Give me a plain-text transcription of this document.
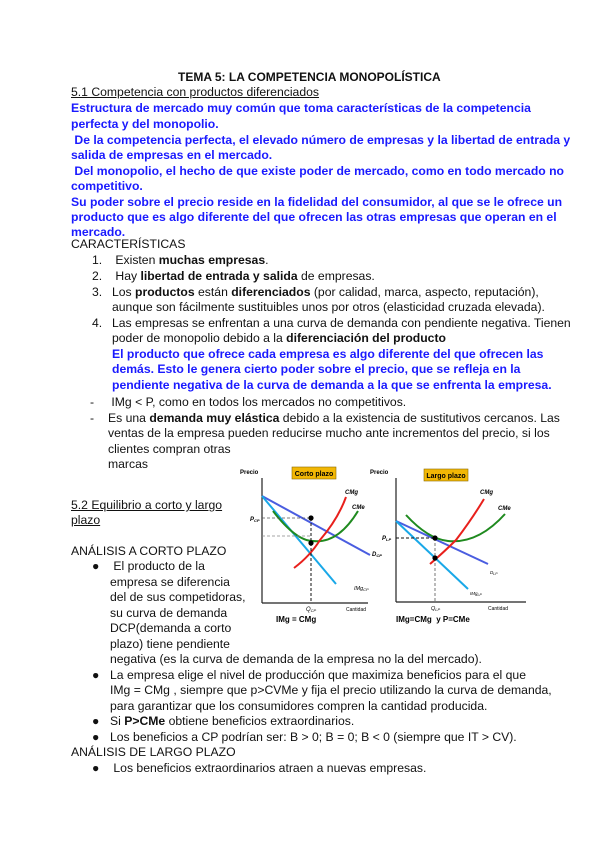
TEMA 5: LA COMPETENCIA MONOPOLÍSTICA
5.1 Competencia con productos diferenciados
Estructura de mercado muy común que toma características de la competencia
perfecta y del monopolio.
De la competencia perfecta, el elevado número de empresas y la libertad de entrada y
salida de empresas en el mercado.
Del monopolio, el hecho de que existe poder de mercado, como en todo mercado no
competitivo.
Su poder sobre el precio reside en la fidelidad del consumidor, al que se le ofrece un
producto que es algo diferente del que ofrecen las otras empresas que operan en el
mercado.
CARACTERÍSTICAS
1. Existen muchas empresas.
2. Hay libertad de entrada y salida de empresas.
3. Los productos están diferenciados (por calidad, marca, aspecto, reputación),
aunque son fácilmente sustituibles unos por otros (elasticidad cruzada elevada).
4. Las empresas se enfrentan a una curva de demanda con pendiente negativa. Tienen
poder de monopolio debido a la diferenciación del producto
El producto que ofrece cada empresa es algo diferente del que ofrecen las
demás. Esto le genera cierto poder sobre el precio, que se refleja en la
pendiente negativa de la curva de demanda a la que se enfrenta la empresa.
- IMg < P, como en todos los mercados no competitivos.
- Es una demanda muy elástica debido a la existencia de sustitutivos cercanos. Las
ventas de la empresa pueden reducirse mucho ante incrementos del precio, si los
clientes compran otras
marcas
5.2 Equilibrio a corto y largo
plazo
ANÁLISIS A CORTO PLAZO
● El producto de la
empresa se diferencia
del de sus competidoras,
su curva de demanda
DCP(demanda a corto
plazo) tiene pendiente
negativa (es la curva de demanda de la empresa no la del mercado).
● La empresa elige el nivel de producción que maximiza beneficios para el que
IMg = CMg , siempre que p>CVMe y fija el precio utilizando la curva de demanda,
para garantizar que los consumidores compren la cantidad producida.
● Si P>CMe obtiene beneficios extraordinarios.
● Los beneficios a CP podrían ser: B > 0; B = 0; B < 0 (siempre que IT > CV).
ANÁLISIS DE LARGO PLAZO
● Los beneficios extraordinarios atraen a nuevas empresas.
Precio	Corto plazo
PCP
QCP	Cantidad
CMg
CMe
DCP
IMgCP
IMg = CMg
Precio	Largo plazo
PLP
QLP	Cantidad
CMg
CMe
$D_{LP}$
IMg$_{LP}$
IMg=CMg  y P=CMe
